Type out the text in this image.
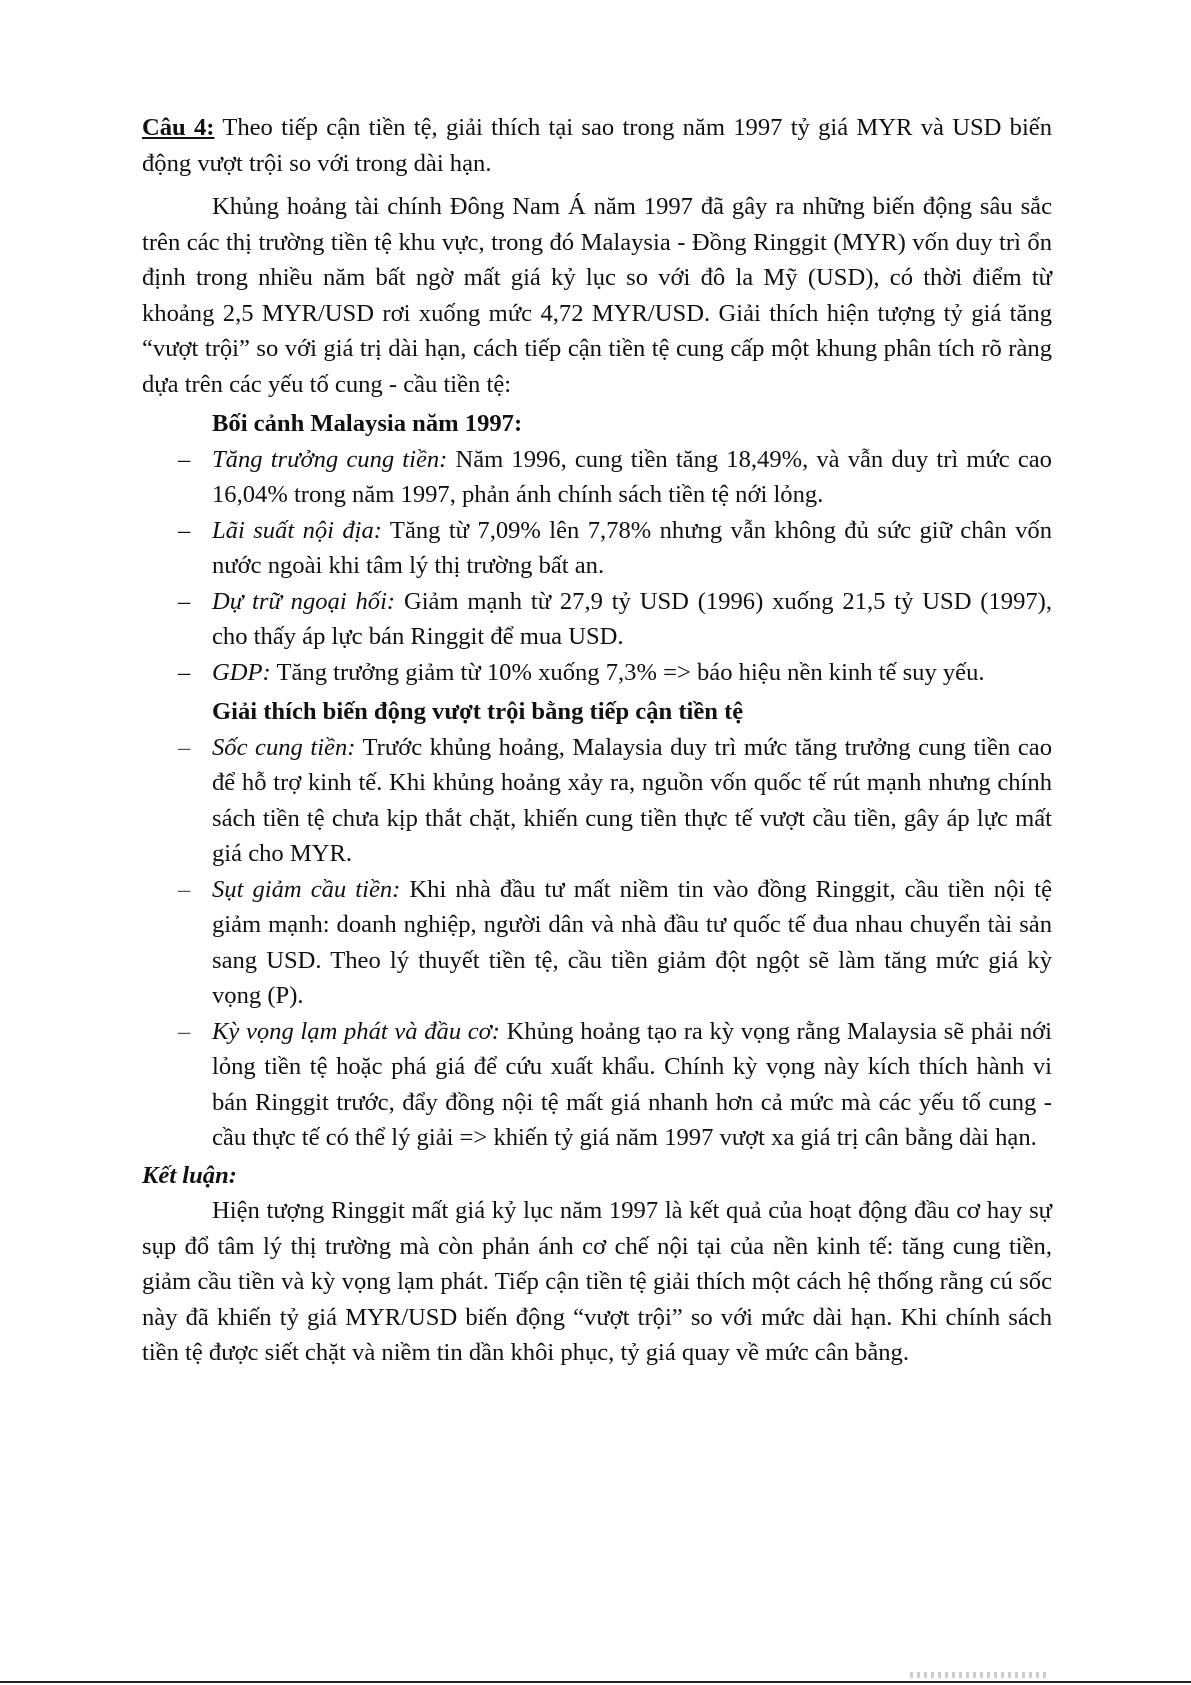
Câu 4: Theo tiếp cận tiền tệ, giải thích tại sao trong năm 1997 tỷ giá MYR và USD biến động vượt trội so với trong dài hạn.

Khủng hoảng tài chính Đông Nam Á năm 1997 đã gây ra những biến động sâu sắc trên các thị trường tiền tệ khu vực, trong đó Malaysia - Đồng Ringgit (MYR) vốn duy trì ổn định trong nhiều năm bất ngờ mất giá kỷ lục so với đô la Mỹ (USD), có thời điểm từ khoảng 2,5 MYR/USD rơi xuống mức 4,72 MYR/USD. Giải thích hiện tượng tỷ giá tăng “vượt trội” so với giá trị dài hạn, cách tiếp cận tiền tệ cung cấp một khung phân tích rõ ràng dựa trên các yếu tố cung - cầu tiền tệ:

Bối cảnh Malaysia năm 1997:

– Tăng trưởng cung tiền: Năm 1996, cung tiền tăng 18,49%, và vẫn duy trì mức cao 16,04% trong năm 1997, phản ánh chính sách tiền tệ nới lỏng.
– Lãi suất nội địa: Tăng từ 7,09% lên 7,78% nhưng vẫn không đủ sức giữ chân vốn nước ngoài khi tâm lý thị trường bất an.
– Dự trữ ngoại hối: Giảm mạnh từ 27,9 tỷ USD (1996) xuống 21,5 tỷ USD (1997), cho thấy áp lực bán Ringgit để mua USD.
– GDP: Tăng trưởng giảm từ 10% xuống 7,3% => báo hiệu nền kinh tế suy yếu.

Giải thích biến động vượt trội bằng tiếp cận tiền tệ

– Sốc cung tiền: Trước khủng hoảng, Malaysia duy trì mức tăng trưởng cung tiền cao để hỗ trợ kinh tế. Khi khủng hoảng xảy ra, nguồn vốn quốc tế rút mạnh nhưng chính sách tiền tệ chưa kịp thắt chặt, khiến cung tiền thực tế vượt cầu tiền, gây áp lực mất giá cho MYR.
– Sụt giảm cầu tiền: Khi nhà đầu tư mất niềm tin vào đồng Ringgit, cầu tiền nội tệ giảm mạnh: doanh nghiệp, người dân và nhà đầu tư quốc tế đua nhau chuyển tài sản sang USD. Theo lý thuyết tiền tệ, cầu tiền giảm đột ngột sẽ làm tăng mức giá kỳ vọng (P).
– Kỳ vọng lạm phát và đầu cơ: Khủng hoảng tạo ra kỳ vọng rằng Malaysia sẽ phải nới lỏng tiền tệ hoặc phá giá để cứu xuất khẩu. Chính kỳ vọng này kích thích hành vi bán Ringgit trước, đẩy đồng nội tệ mất giá nhanh hơn cả mức mà các yếu tố cung - cầu thực tế có thể lý giải => khiến tỷ giá năm 1997 vượt xa giá trị cân bằng dài hạn.

Kết luận:

Hiện tượng Ringgit mất giá kỷ lục năm 1997 là kết quả của hoạt động đầu cơ hay sự sụp đổ tâm lý thị trường mà còn phản ánh cơ chế nội tại của nền kinh tế: tăng cung tiền, giảm cầu tiền và kỳ vọng lạm phát. Tiếp cận tiền tệ giải thích một cách hệ thống rằng cú sốc này đã khiến tỷ giá MYR/USD biến động “vượt trội” so với mức dài hạn. Khi chính sách tiền tệ được siết chặt và niềm tin dần khôi phục, tỷ giá quay về mức cân bằng.
